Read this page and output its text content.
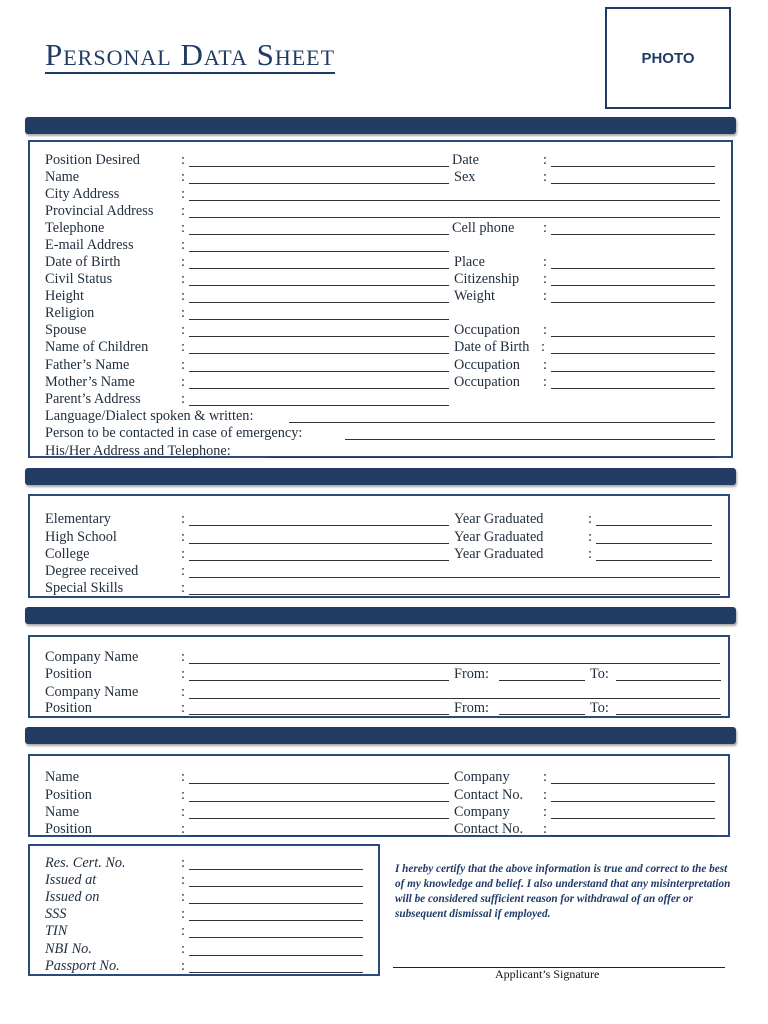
Personal Data Sheet	PHOTO
Position Desired	:	Date	:
Name	:	Sex	:
City Address	:
Provincial Address :
Telephone	:	Cell phone :
E-mail Address	:
Date of Birth	:	Place	:
Civil Status	:	Citizenship :
Height	:	Weight	:
Religion	:
Spouse	:	Occupation :
Name of Children :	Date of Birth :
Father’s Name	:	Occupation :
Mother’s Name	:	Occupation :
Parent’s Address	:
Language/Dialect spoken & written:
Person to be contacted in case of emergency:
His/Her Address and Telephone:
Elementary	:	Year Graduated	:
High School	:	Year Graduated	:
College	:	Year Graduated	:
Degree received	:
Special Skills	:
Company Name	:
Position	:	From:	To:
Company Name	:
Position	:	From:	To:
Name	:	Company :
Position	:	Contact No. :
Name	:	Company :
Position	:	Contact No. :
Res. Cert. No.	:
Issued at	:
Issued on	:
SSS	:
TIN	:
NBI No.	:
Passport No.	:
I hereby certify that the above information is true and correct to the best of my knowledge and belief. I also understand that any misinterpretation will be considered sufficient reason for withdrawal of an offer or subsequent dismissal if employed.
Applicant’s Signature
